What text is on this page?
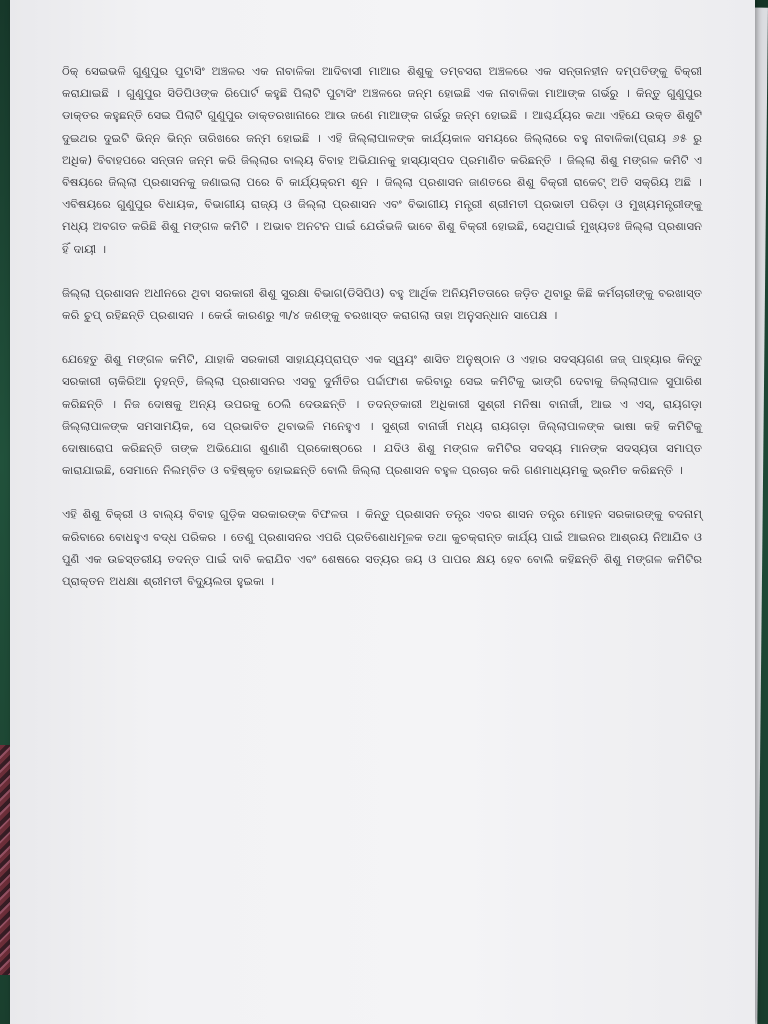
ଠିକ୍ ସେଇଭଳି ଗୁଣୁପୁର ପୁଟାସିଂ ଅଞ୍ଚଳର ଏକ ନାବାଳିକା ଆଦିବାସୀ ମାଆର ଶିଶୁକୁ ଡମ୍ବସରା ଅଞ୍ଚଳରେ ଏକ ସନ୍ତାନହୀନ ଦମ୍ପତିଙ୍କୁ ବିକ୍ରୀ କରାଯାଇଛି । ଗୁଣୁପୁର ସିଡିପିଓଙ୍କ ରିପୋର୍ଟ କହୁଛି ପିଲାଟି ପୁଟାସିଂ ଅଞ୍ଚଳରେ ଜନ୍ମ ହୋଇଛି ଏକ ନାବାଳିକା ମାଆଙ୍କ ଗର୍ଭରୁ । କିନ୍ତୁ ଗୁଣୁପୁର ଡାକ୍ତର କହୁଛନ୍ତି ସେଇ ପିଲାଟି ଗୁଣୁପୁର ଡାକ୍ତରଖାନାରେ ଆଉ ଜଣେ ମାଆଙ୍କ ଗର୍ଭରୁ ଜନ୍ମ ହୋଇଛି । ଆଶ୍ଚର୍ଯ୍ୟର କଥା ଏହିଯେ ଉକ୍ତ ଶିଶୁଟି ଦୁଇଥର ଦୁଇଟି ଭିନ୍ନ ଭିନ୍ନ ତାରିଖରେ ଜନ୍ମ ହୋଇଛି । ଏହି ଜିଲ୍ଲାପାଳଙ୍କ କାର୍ଯ୍ୟକାଳ ସମୟରେ ଜିଲ୍ଲାରେ ବହୁ ନାବାଳିକା(ପ୍ରାୟ ୬୫ ରୁ ଅଧିକ) ବିବାହପରେ ସନ୍ତାନ ଜନ୍ମ କରି ଜିଲ୍ଲାର ବାଲ୍ୟ ବିବାହ ଅଭିଯାନକୁ ହାସ୍ୟାସ୍ପଦ ପ୍ରମାଣିତ କରିଛନ୍ତି । ଜିଲ୍ଲା ଶିଶୁ ମଙ୍ଗଳ କମିଟି ଏ ବିଷୟରେ ଜିଲ୍ଲା ପ୍ରଶାସନକୁ ଜଣାଇଲା ପରେ ବି କାର୍ଯ୍ୟକ୍ରମ ଶୂନ । ଜିଲ୍ଲା ପ୍ରଶାସନ ଜାଣତରେ ଶିଶୁ ବିକ୍ରୀ ରାକେଟ୍ ଅତି ସକ୍ରିୟ ଅଛି । ଏବିଷୟରେ ଗୁଣୁପୁର ବିଧାୟକ, ବିଭାଗୀୟ ରାଜ୍ୟ ଓ ଜିଲ୍ଲା ପ୍ରଶାସନ ଏବଂ ବିଭାଗୀୟ ମନ୍ତ୍ରୀ ଶ୍ରୀମତୀ ପ୍ରଭାତୀ ପରିଡ଼ା ଓ ମୁଖ୍ୟମନ୍ତ୍ରୀଙ୍କୁ ମଧ୍ୟ ଅବଗତ କରିଛି ଶିଶୁ ମଙ୍ଗଳ କମିଟି । ଅଭାବ ଅନଟନ ପାଇଁ ଯେଉଁଭଳି ଭାବେ ଶିଶୁ ବିକ୍ରୀ ହୋଇଛି, ସେଥିପାଇଁ ମୁଖ୍ୟତଃ ଜିଲ୍ଲା ପ୍ରଶାସନ ହିଁ ଦାୟୀ ।

ଜିଲ୍ଲା ପ୍ରଶାସନ ଅଧୀନରେ ଥିବା ସରକାରୀ ଶିଶୁ ସୁରକ୍ଷା ବିଭାଗ(ଡିସିପିଓ) ବହୁ ଆର୍ଥିକ ଅନିୟମିତତାରେ ଜଡ଼ିତ ଥିବାରୁ କିଛି କର୍ମଚାରୀଙ୍କୁ ବରଖାସ୍ତ କରି ଚୁପ୍ ରହିଛନ୍ତି ପ୍ରଶାସନ । କେଉଁ କାରଣରୁ ୩/୪ ଜଣଙ୍କୁ ବରଖାସ୍ତ କରାଗଲା ତାହା ଅନୁସନ୍ଧାନ ସାପେକ୍ଷ ।

ଯେହେତୁ ଶିଶୁ ମଙ୍ଗଳ କମିଟି, ଯାହାକି ସରକାରୀ ସାହାଯ୍ୟପ୍ରାପ୍ତ ଏକ ସ୍ୱୟଂ ଶାସିତ ଅନୁଷ୍ଠାନ ଓ ଏହାର ସଦସ୍ୟଗଣ ଜଜ୍ ପାହ୍ୟାର କିନ୍ତୁ ସରକାରୀ ଚାକିରିଆ ନୁହନ୍ତି, ଜିଲ୍ଲା ପ୍ରଶାସନର ଏସବୁ ଦୁର୍ନୀତିର ପର୍ଦ୍ଦାଫାଶ କରିବାରୁ ସେଇ କମିଟିକୁ ଭାଙ୍ଗି ଦେବାକୁ ଜିଲ୍ଲାପାଳ ସୁପାରିଶ କରିଛନ୍ତି । ନିଜ ଦୋଷକୁ ଅନ୍ୟ ଉପରକୁ ଠେଲି ଦେଉଛନ୍ତି । ତଦନ୍ତକାରୀ ଅଧିକାରୀ ସୁଶ୍ରୀ ମନିଷା ବାନାର୍ଜୀ, ଆଇ ଏ ଏସ୍, ରାୟଗଡ଼ା ଜିଲ୍ଲାପାଳଙ୍କ ସମସାମୟିକ, ସେ ପ୍ରଭାବିତ ଥିବାଭଳି ମନେହୁଏ । ସୁଶ୍ରୀ ବାନାର୍ଜୀ ମଧ୍ୟ ରାୟଗଡ଼ା ଜିଲ୍ଲାପାଳଙ୍କ ଭାଷା କହି କମିଟିକୁ ଦୋଷାରୋପ କରିଛନ୍ତି ତାଙ୍କ ଅଭିଯୋଗ ଶୁଣାଣି ପ୍ରକୋଷ୍ଠରେ । ଯଦିଓ ଶିଶୁ ମଙ୍ଗଳ କମିଟିର ସଦସ୍ୟ ମାନଙ୍କ ସଦସ୍ୟତା ସମାପ୍ତ କାରାଯାଇଛି, ସେମାନେ ନିଲମ୍ବିତ ଓ ବହିଷ୍କୃତ ହୋଇଛନ୍ତି ବୋଲି ଜିଲ୍ଲା ପ୍ରଶାସନ ବହୁଳ ପ୍ରଚାର କରି ଗଣମାଧ୍ୟମକୁ ଭ୍ରମିତ କରିଛନ୍ତି ।

ଏହି ଶିଶୁ ବିକ୍ରୀ ଓ ବାଲ୍ୟ ବିବାହ ଗୁଡ଼ିକ ସରକାରଙ୍କ ବିଫଳତା । କିନ୍ତୁ ପ୍ରଶାସନ ତନ୍ତ୍ର ଏବର ଶାସନ ତନ୍ତ୍ର ମୋହନ ସରକାରଙ୍କୁ ବଦନାମ୍ କରିବାରେ ବୋଧହୁଏ ବଦ୍ଧ ପରିକର । ତେଣୁ ପ୍ରଶାସନର ଏପରି ପ୍ରତିଶୋଧମୂଳକ ତଥା କୁଚକ୍ରାନ୍ତ କାର୍ଯ୍ୟ ପାଇଁ ଆଇନର ଆଶ୍ରୟ ନିଆଯିବ ଓ ପୁଣି ଏକ ଉଚ୍ଚସ୍ତରୀୟ ତଦନ୍ତ ପାଇଁ ଦାବି କରାଯିବ ଏବଂ ଶେଷରେ ସତ୍ୟର ଜୟ ଓ ପାପର କ୍ଷୟ ହେବ ବୋଲି କହିଛନ୍ତି ଶିଶୁ ମଙ୍ଗଳ କମିଟିର ପ୍ରାକ୍ତନ ଅଧକ୍ଷା ଶ୍ରୀମତୀ ବିଦ୍ୟୁଲତା ହୁଇକା ।
